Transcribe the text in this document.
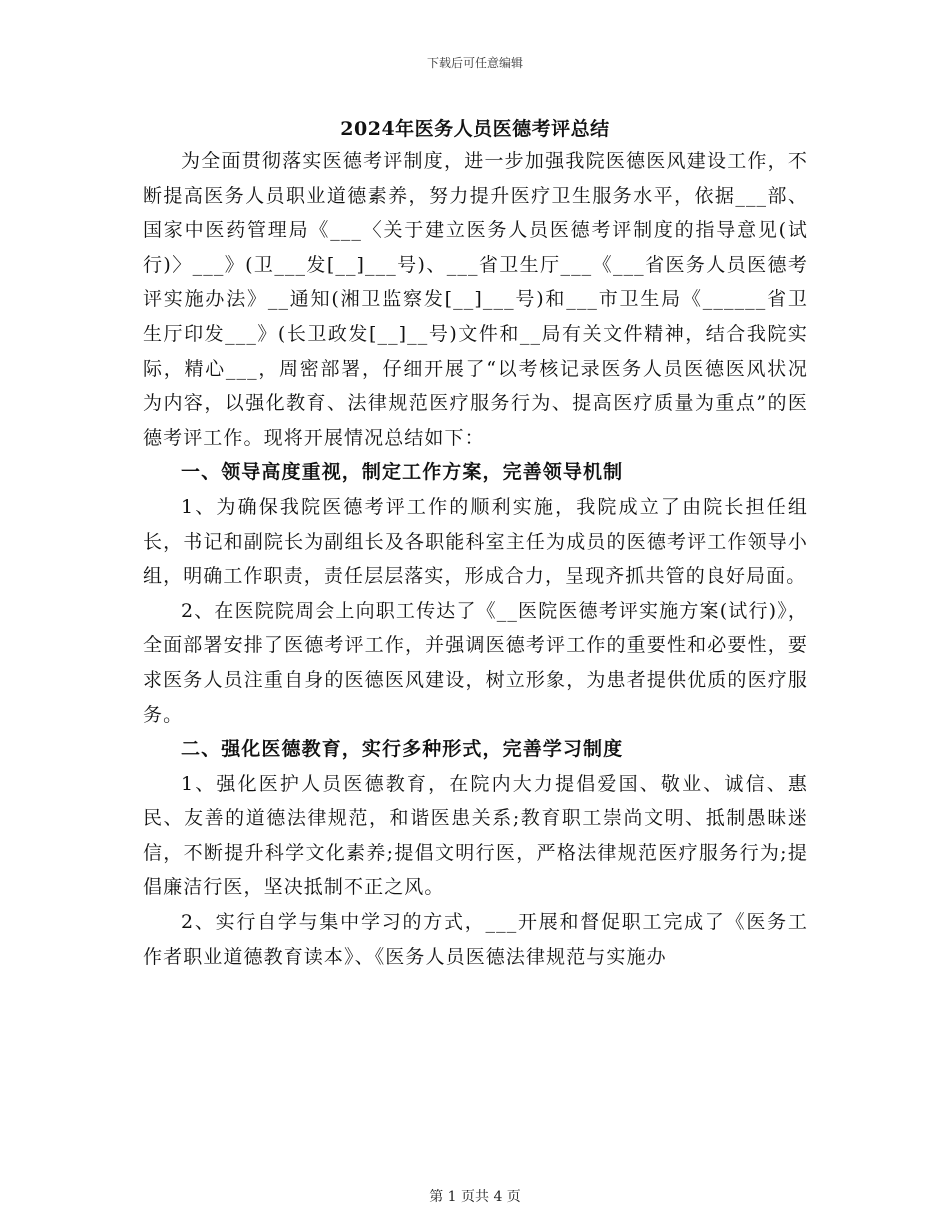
下载后可任意编辑
2024年医务人员医德考评总结

为全面贯彻落实医德考评制度，进一步加强我院医德医风建设工作，不断提高医务人员职业道德素养，努力提升医疗卫生服务水平，依据___部、国家中医药管理局《___〈关于建立医务人员医德考评制度的指导意见(试行)〉___》(卫___发[__]___号)、___省卫生厅___《___省医务人员医德考评实施办法》__通知(湘卫监察发[__]___号)和___市卫生局《______省卫生厅印发___》(长卫政发[__]__号)文件和__局有关文件精神，结合我院实际，精心___，周密部署，仔细开展了“以考核记录医务人员医德医风状况为内容，以强化教育、法律规范医疗服务行为、提高医疗质量为重点”的医德考评工作。现将开展情况总结如下：

一、领导高度重视，制定工作方案，完善领导机制

1、为确保我院医德考评工作的顺利实施，我院成立了由院长担任组长，书记和副院长为副组长及各职能科室主任为成员的医德考评工作领导小组，明确工作职责，责任层层落实，形成合力，呈现齐抓共管的良好局面。

2、在医院院周会上向职工传达了《__医院医德考评实施方案(试行)》，全面部署安排了医德考评工作，并强调医德考评工作的重要性和必要性，要求医务人员注重自身的医德医风建设，树立形象，为患者提供优质的医疗服务。

二、强化医德教育，实行多种形式，完善学习制度

1、强化医护人员医德教育，在院内大力提倡爱国、敬业、诚信、惠民、友善的道德法律规范，和谐医患关系;教育职工崇尚文明、抵制愚昧迷信，不断提升科学文化素养;提倡文明行医，严格法律规范医疗服务行为;提倡廉洁行医，坚决抵制不正之风。

2、实行自学与集中学习的方式，___开展和督促职工完成了《医务工作者职业道德教育读本》、《医务人员医德法律规范与实施办

第 1 页共 4 页
